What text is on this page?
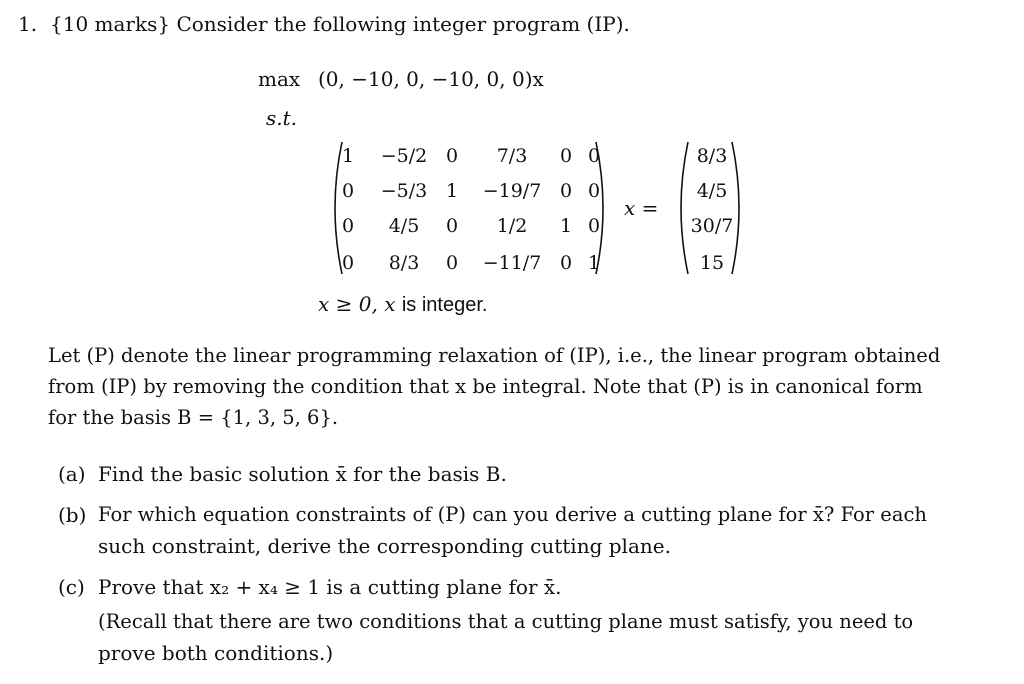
1. {10 marks} Consider the following integer program (IP).
max (0, −10, 0, −10, 0, 0)x
s.t.
1 −5/2 0 7/3 0 0
0 −5/3 1 −19/7 0 0
0 4/5 0 1/2 1 0
0 8/3 0 −11/7 0 1
x =
8/3
4/5
30/7
15
x ≥ 0, x is integer.
Let (P) denote the linear programming relaxation of (IP), i.e., the linear program obtained
from (IP) by removing the condition that x be integral. Note that (P) is in canonical form
for the basis B = {1, 3, 5, 6}.
(a) Find the basic solution x̄ for the basis B.
(b) For which equation constraints of (P) can you derive a cutting plane for x̄? For each
such constraint, derive the corresponding cutting plane.
(c) Prove that x₂ + x₄ ≥ 1 is a cutting plane for x̄.
(Recall that there are two conditions that a cutting plane must satisfy, you need to
prove both conditions.)
